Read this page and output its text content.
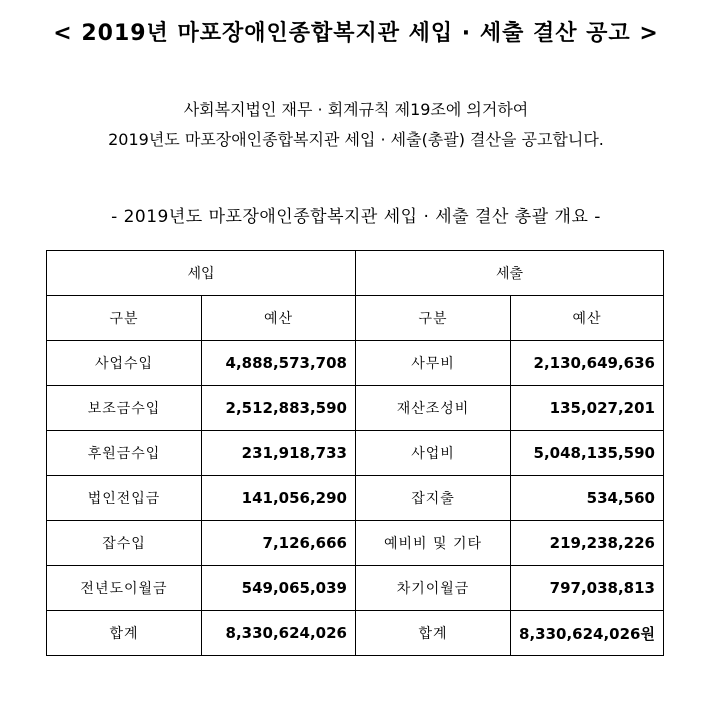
< 2019년 마포장애인종합복지관 세입 · 세출 결산 공고 >
사회복지법인 재무 · 회계규칙 제19조에 의거하여
2019년도 마포장애인종합복지관 세입 · 세출(총괄) 결산을 공고합니다.
- 2019년도 마포장애인종합복지관 세입 · 세출 결산 총괄 개요 -
세입		세출	
구분	예산	구분	예산
사업수입	4,888,573,708	사무비	2,130,649,636
보조금수입	2,512,883,590	재산조성비	135,027,201
후원금수입	231,918,733	사업비	5,048,135,590
법인전입금	141,056,290	잡지출	534,560
잡수입	7,126,666	예비비 및 기타	219,238,226
전년도이월금	549,065,039	차기이월금	797,038,813
합계	8,330,624,026	합계	8,330,624,026원
